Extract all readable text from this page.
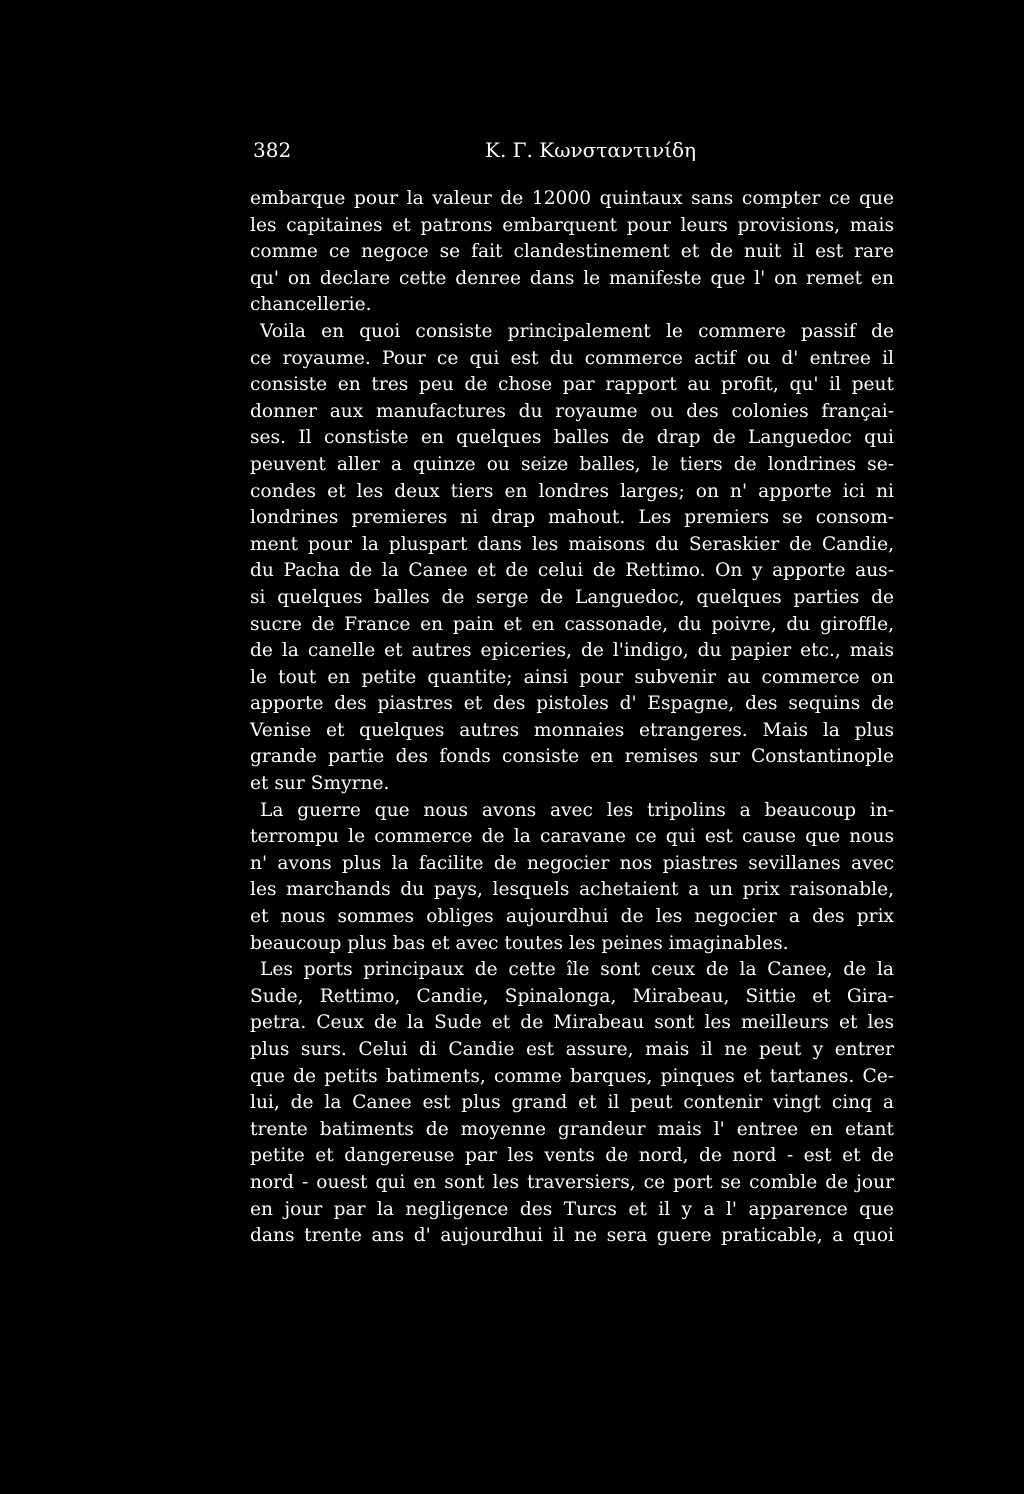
382	Κ. Γ. Κωνσταντινίδη
embarque pour la valeur de 12000 quintaux sans compter ce que
les capitaines et patrons embarquent pour leurs provisions, mais
comme ce negoce se fait clandestinement et de nuit il est rare
qu' on declare cette denree dans le manifeste que l' on remet en
chancellerie.
Voila en quoi consiste principalement le commere passif de
ce royaume. Pour ce qui est du commerce actif ou d' entree il
consiste en tres peu de chose par rapport au profit, qu' il peut
donner aux manufactures du royaume ou des colonies françai-
ses. Il constiste en quelques balles de drap de Languedoc qui
peuvent aller a quinze ou seize balles, le tiers de londrines se-
condes et les deux tiers en londres larges; on n' apporte ici ni
londrines premieres ni drap mahout. Les premiers se consom-
ment pour la pluspart dans les maisons du Seraskier de Candie,
du Pacha de la Canee et de celui de Rettimo. On y apporte aus-
si quelques balles de serge de Languedoc, quelques parties de
sucre de France en pain et en cassonade, du poivre, du giroffle,
de la canelle et autres epiceries, de l'indigo, du papier etc., mais
le tout en petite quantite; ainsi pour subvenir au commerce on
apporte des piastres et des pistoles d' Espagne, des sequins de
Venise et quelques autres monnaies etrangeres. Mais la plus
grande partie des fonds consiste en remises sur Constantinople
et sur Smyrne.
La guerre que nous avons avec les tripolins a beaucoup in-
terrompu le commerce de la caravane ce qui est cause que nous
n' avons plus la facilite de negocier nos piastres sevillanes avec
les marchands du pays, lesquels achetaient a un prix raisonable,
et nous sommes obliges aujourdhui de les negocier a des prix
beaucoup plus bas et avec toutes les peines imaginables.
Les ports principaux de cette île sont ceux de la Canee, de la
Sude, Rettimo, Candie, Spinalonga, Mirabeau, Sittie et Gira-
petra. Ceux de la Sude et de Mirabeau sont les meilleurs et les
plus surs. Celui di Candie est assure, mais il ne peut y entrer
que de petits batiments, comme barques, pinques et tartanes. Ce-
lui, de la Canee est plus grand et il peut contenir vingt cinq a
trente batiments de moyenne grandeur mais l' entree en etant
petite et dangereuse par les vents de nord, de nord - est et de
nord - ouest qui en sont les traversiers, ce port se comble de jour
en jour par la negligence des Turcs et il y a l' apparence que
dans trente ans d' aujourdhui il ne sera guere praticable, a quoi
